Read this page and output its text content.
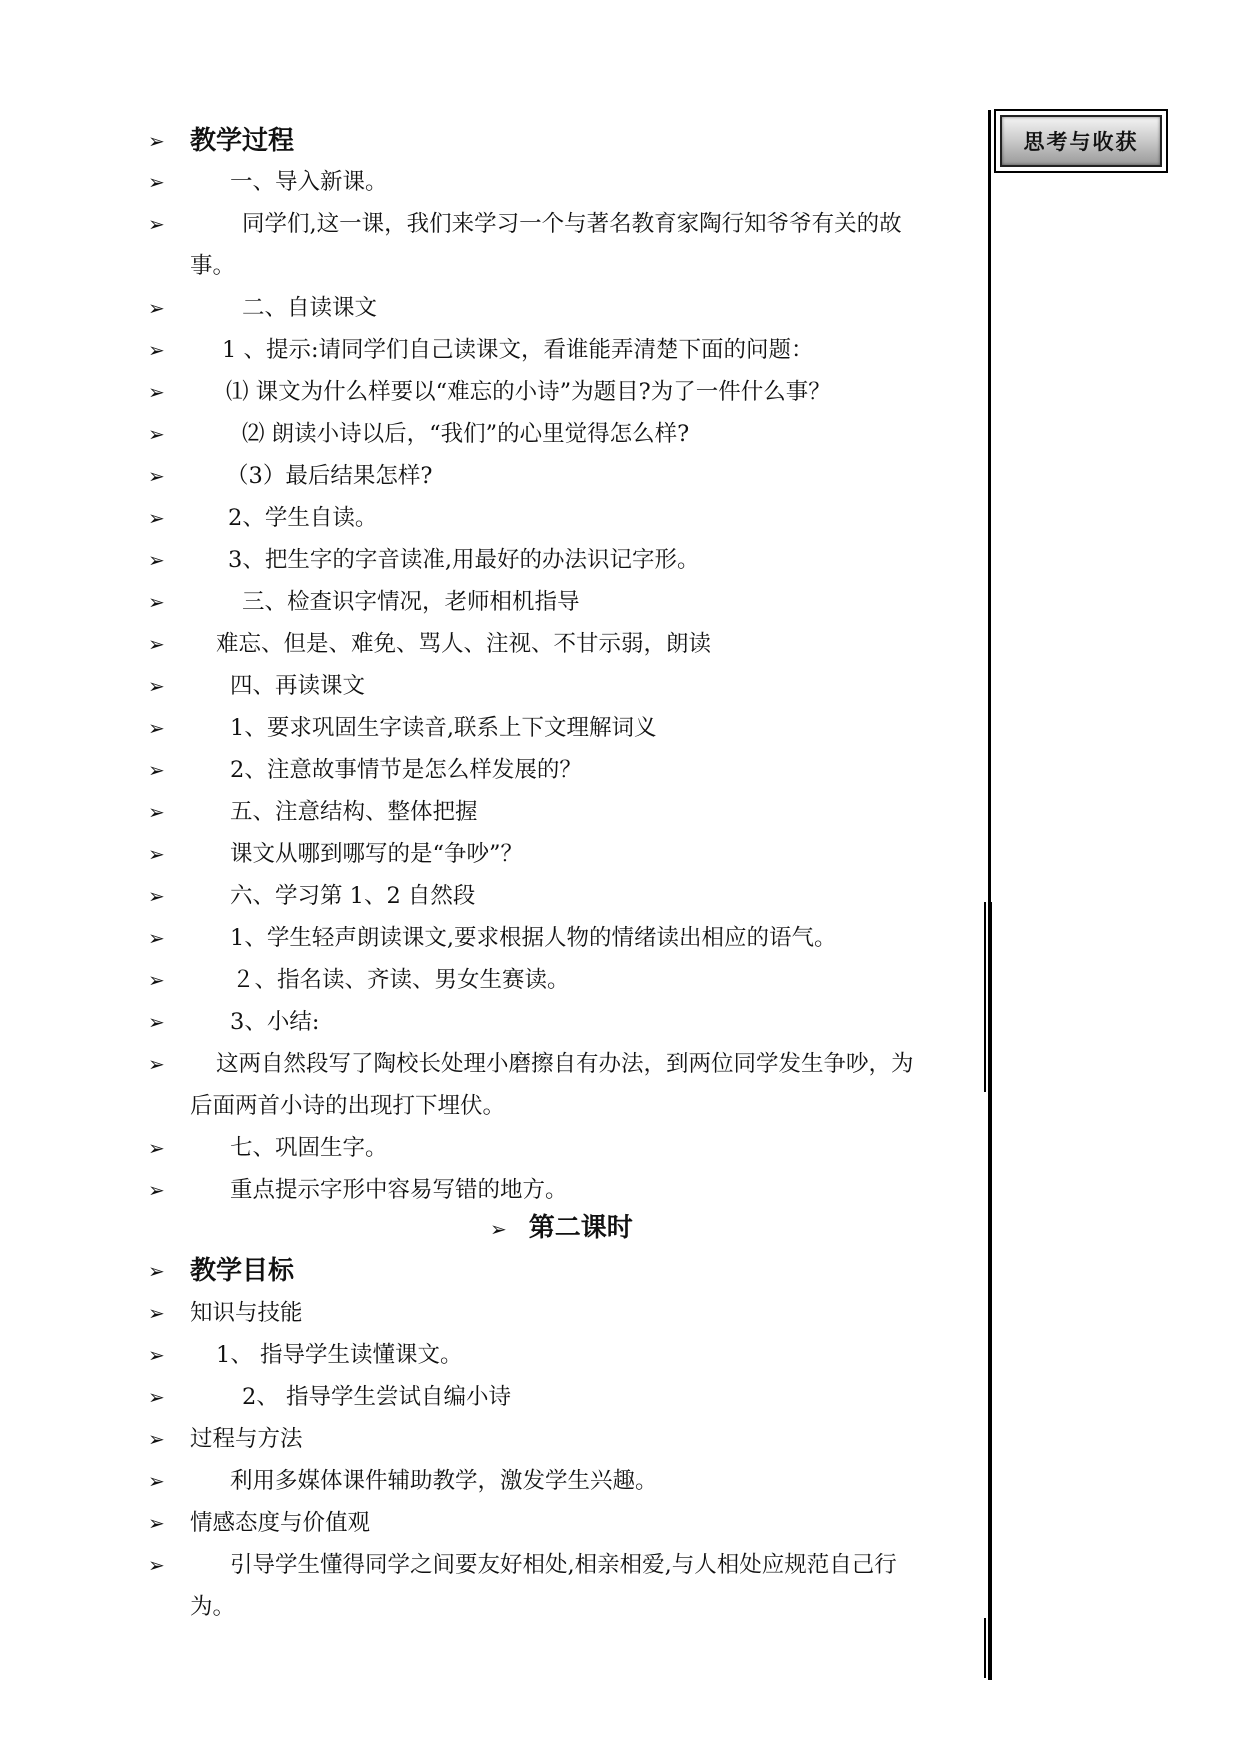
思考与收获
➢ 教学过程
➢	一、导入新课。
➢	同学们,这一课，我们来学习一个与著名教育家陶行知爷爷有关的故
事。
➢	二、自读课文
➢	1 、提示:请同学们自己读课文，看谁能弄清楚下面的问题：
➢	⑴ 课文为什么样要以“难忘的小诗”为题目?为了一件什么事？
➢	⑵ 朗读小诗以后，“我们”的心里觉得怎么样?
➢	（3）最后结果怎样?
➢	2、学生自读。
➢	3、把生字的字音读准,用最好的办法识记字形。
➢	三、检查识字情况，老师相机指导
➢	难忘、但是、难免、骂人、注视、不甘示弱，朗读
➢	四、再读课文
➢	1、要求巩固生字读音,联系上下文理解词义
➢	2、注意故事情节是怎么样发展的？
➢	五、注意结构、整体把握
➢	课文从哪到哪写的是“争吵”？
➢	六、学习第 1、2 自然段
➢	1、学生轻声朗读课文,要求根据人物的情绪读出相应的语气。
➢	２、指名读、齐读、男女生赛读。
➢	3、小结:
➢	这两自然段写了陶校长处理小磨擦自有办法，到两位同学发生争吵，为
后面两首小诗的出现打下埋伏。
➢	七、巩固生字。
➢	重点提示字形中容易写错的地方。
➢ 第二课时
➢ 教学目标
➢	知识与技能
➢	1、 指导学生读懂课文。
➢	2、 指导学生尝试自编小诗
➢	过程与方法
➢	利用多媒体课件辅助教学，激发学生兴趣。
➢	情感态度与价值观
➢	引导学生懂得同学之间要友好相处,相亲相爱,与人相处应规范自己行
为。
